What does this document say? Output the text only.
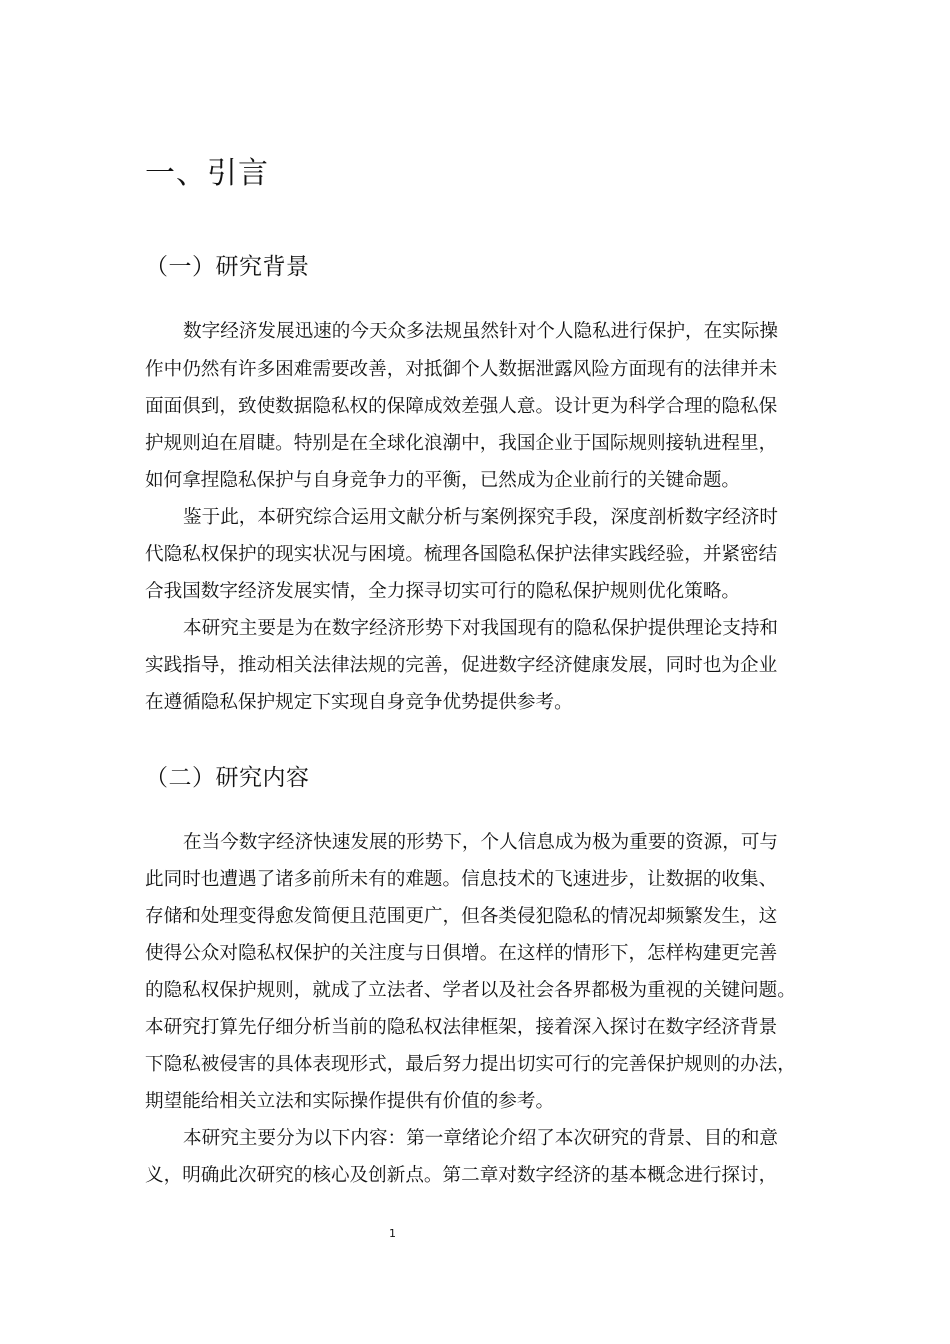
一、引言
（一）研究背景
数字经济发展迅速的今天众多法规虽然针对个人隐私进行保护，在实际操
作中仍然有许多困难需要改善，对抵御个人数据泄露风险方面现有的法律并未
面面俱到，致使数据隐私权的保障成效差强人意。设计更为科学合理的隐私保
护规则迫在眉睫。特别是在全球化浪潮中，我国企业于国际规则接轨进程里，
如何拿捏隐私保护与自身竞争力的平衡，已然成为企业前行的关键命题。
鉴于此，本研究综合运用文献分析与案例探究手段，深度剖析数字经济时
代隐私权保护的现实状况与困境。梳理各国隐私保护法律实践经验，并紧密结
合我国数字经济发展实情，全力探寻切实可行的隐私保护规则优化策略。
本研究主要是为在数字经济形势下对我国现有的隐私保护提供理论支持和
实践指导，推动相关法律法规的完善，促进数字经济健康发展，同时也为企业
在遵循隐私保护规定下实现自身竞争优势提供参考。
（二）研究内容
在当今数字经济快速发展的形势下，个人信息成为极为重要的资源，可与
此同时也遭遇了诸多前所未有的难题。信息技术的飞速进步，让数据的收集、
存储和处理变得愈发简便且范围更广，但各类侵犯隐私的情况却频繁发生，这
使得公众对隐私权保护的关注度与日俱增。在这样的情形下，怎样构建更完善
的隐私权保护规则，就成了立法者、学者以及社会各界都极为重视的关键问题。
本研究打算先仔细分析当前的隐私权法律框架，接着深入探讨在数字经济背景
下隐私被侵害的具体表现形式，最后努力提出切实可行的完善保护规则的办法，
期望能给相关立法和实际操作提供有价值的参考。
本研究主要分为以下内容：第一章绪论介绍了本次研究的背景、目的和意
义，明确此次研究的核心及创新点。第二章对数字经济的基本概念进行探讨，
1
